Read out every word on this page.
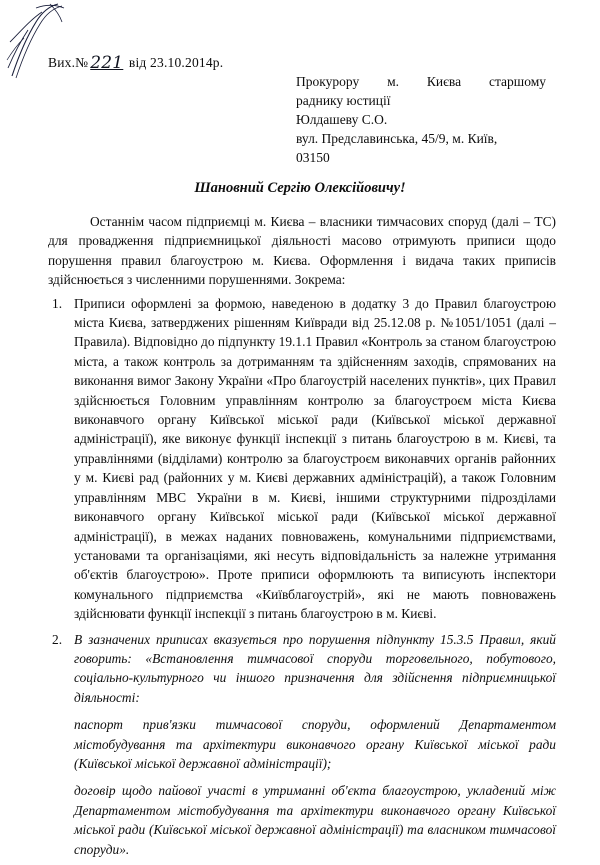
Вих.№ 221 від 23.10.2014р.
Прокурору м. Києва старшому
раднику юстиції
Юлдашеву С.О.
вул. Предславинська, 45/9, м. Київ,
03150
Шановний Сергію Олексійовичу!

Останнім часом підприємці м. Києва – власники тимчасових споруд (далі – ТС) для провадження підприємницької діяльності масово отримують приписи щодо порушення правил благоустрою м. Києва. Оформлення і видача таких приписів здійснюється з численними порушеннями. Зокрема:

Приписи оформлені за формою, наведеною в додатку 3 до Правил благоустрою міста Києва, затверджених рішенням Київради від 25.12.08 р. №1051/1051 (далі – Правила). Відповідно до підпункту 19.1.1 Правил «Контроль за станом благоустрою міста, а також контроль за дотриманням та здійсненням заходів, спрямованих на виконання вимог Закону України «Про благоустрій населених пунктів», цих Правил здійснюється Головним управлінням контролю за благоустроєм міста Києва виконавчого органу Київської міської ради (Київської міської державної адміністрації), яке виконує функції інспекції з питань благоустрою в м. Києві, та управліннями (відділами) контролю за благоустроєм виконавчих органів районних у м. Києві рад (районних у м. Києві державних адміністрацій), а також Головним управлінням МВС України в м. Києві, іншими структурними підрозділами виконавчого органу Київської міської ради (Київської міської державної адміністрації), в межах наданих повноважень, комунальними підприємствами, установами та організаціями, які несуть відповідальність за належне утримання об'єктів благоустрою». Проте приписи оформлюють та виписують інспектори комунального підприємства «Київблагоустрій», які не мають повноважень здійснювати функції інспекції з питань благоустрою в м. Києві.
В зазначених приписах вказується про порушення підпункту 15.3.5 Правил, який говорить: «Встановлення тимчасової споруди торговельного, побутового, соціально-культурного чи іншого призначення для здійснення підприємницької діяльності:
паспорт прив'язки тимчасової споруди, оформлений Департаментом містобудування та архітектури виконавчого органу Київської міської ради (Київської міської державної адміністрації);
договір щодо пайової участі в утриманні об'єкта благоустрою, укладений між Департаментом містобудування та архітектури виконавчого органу Київської міської ради (Київської міської державної адміністрації) та власником тимчасової споруди».
